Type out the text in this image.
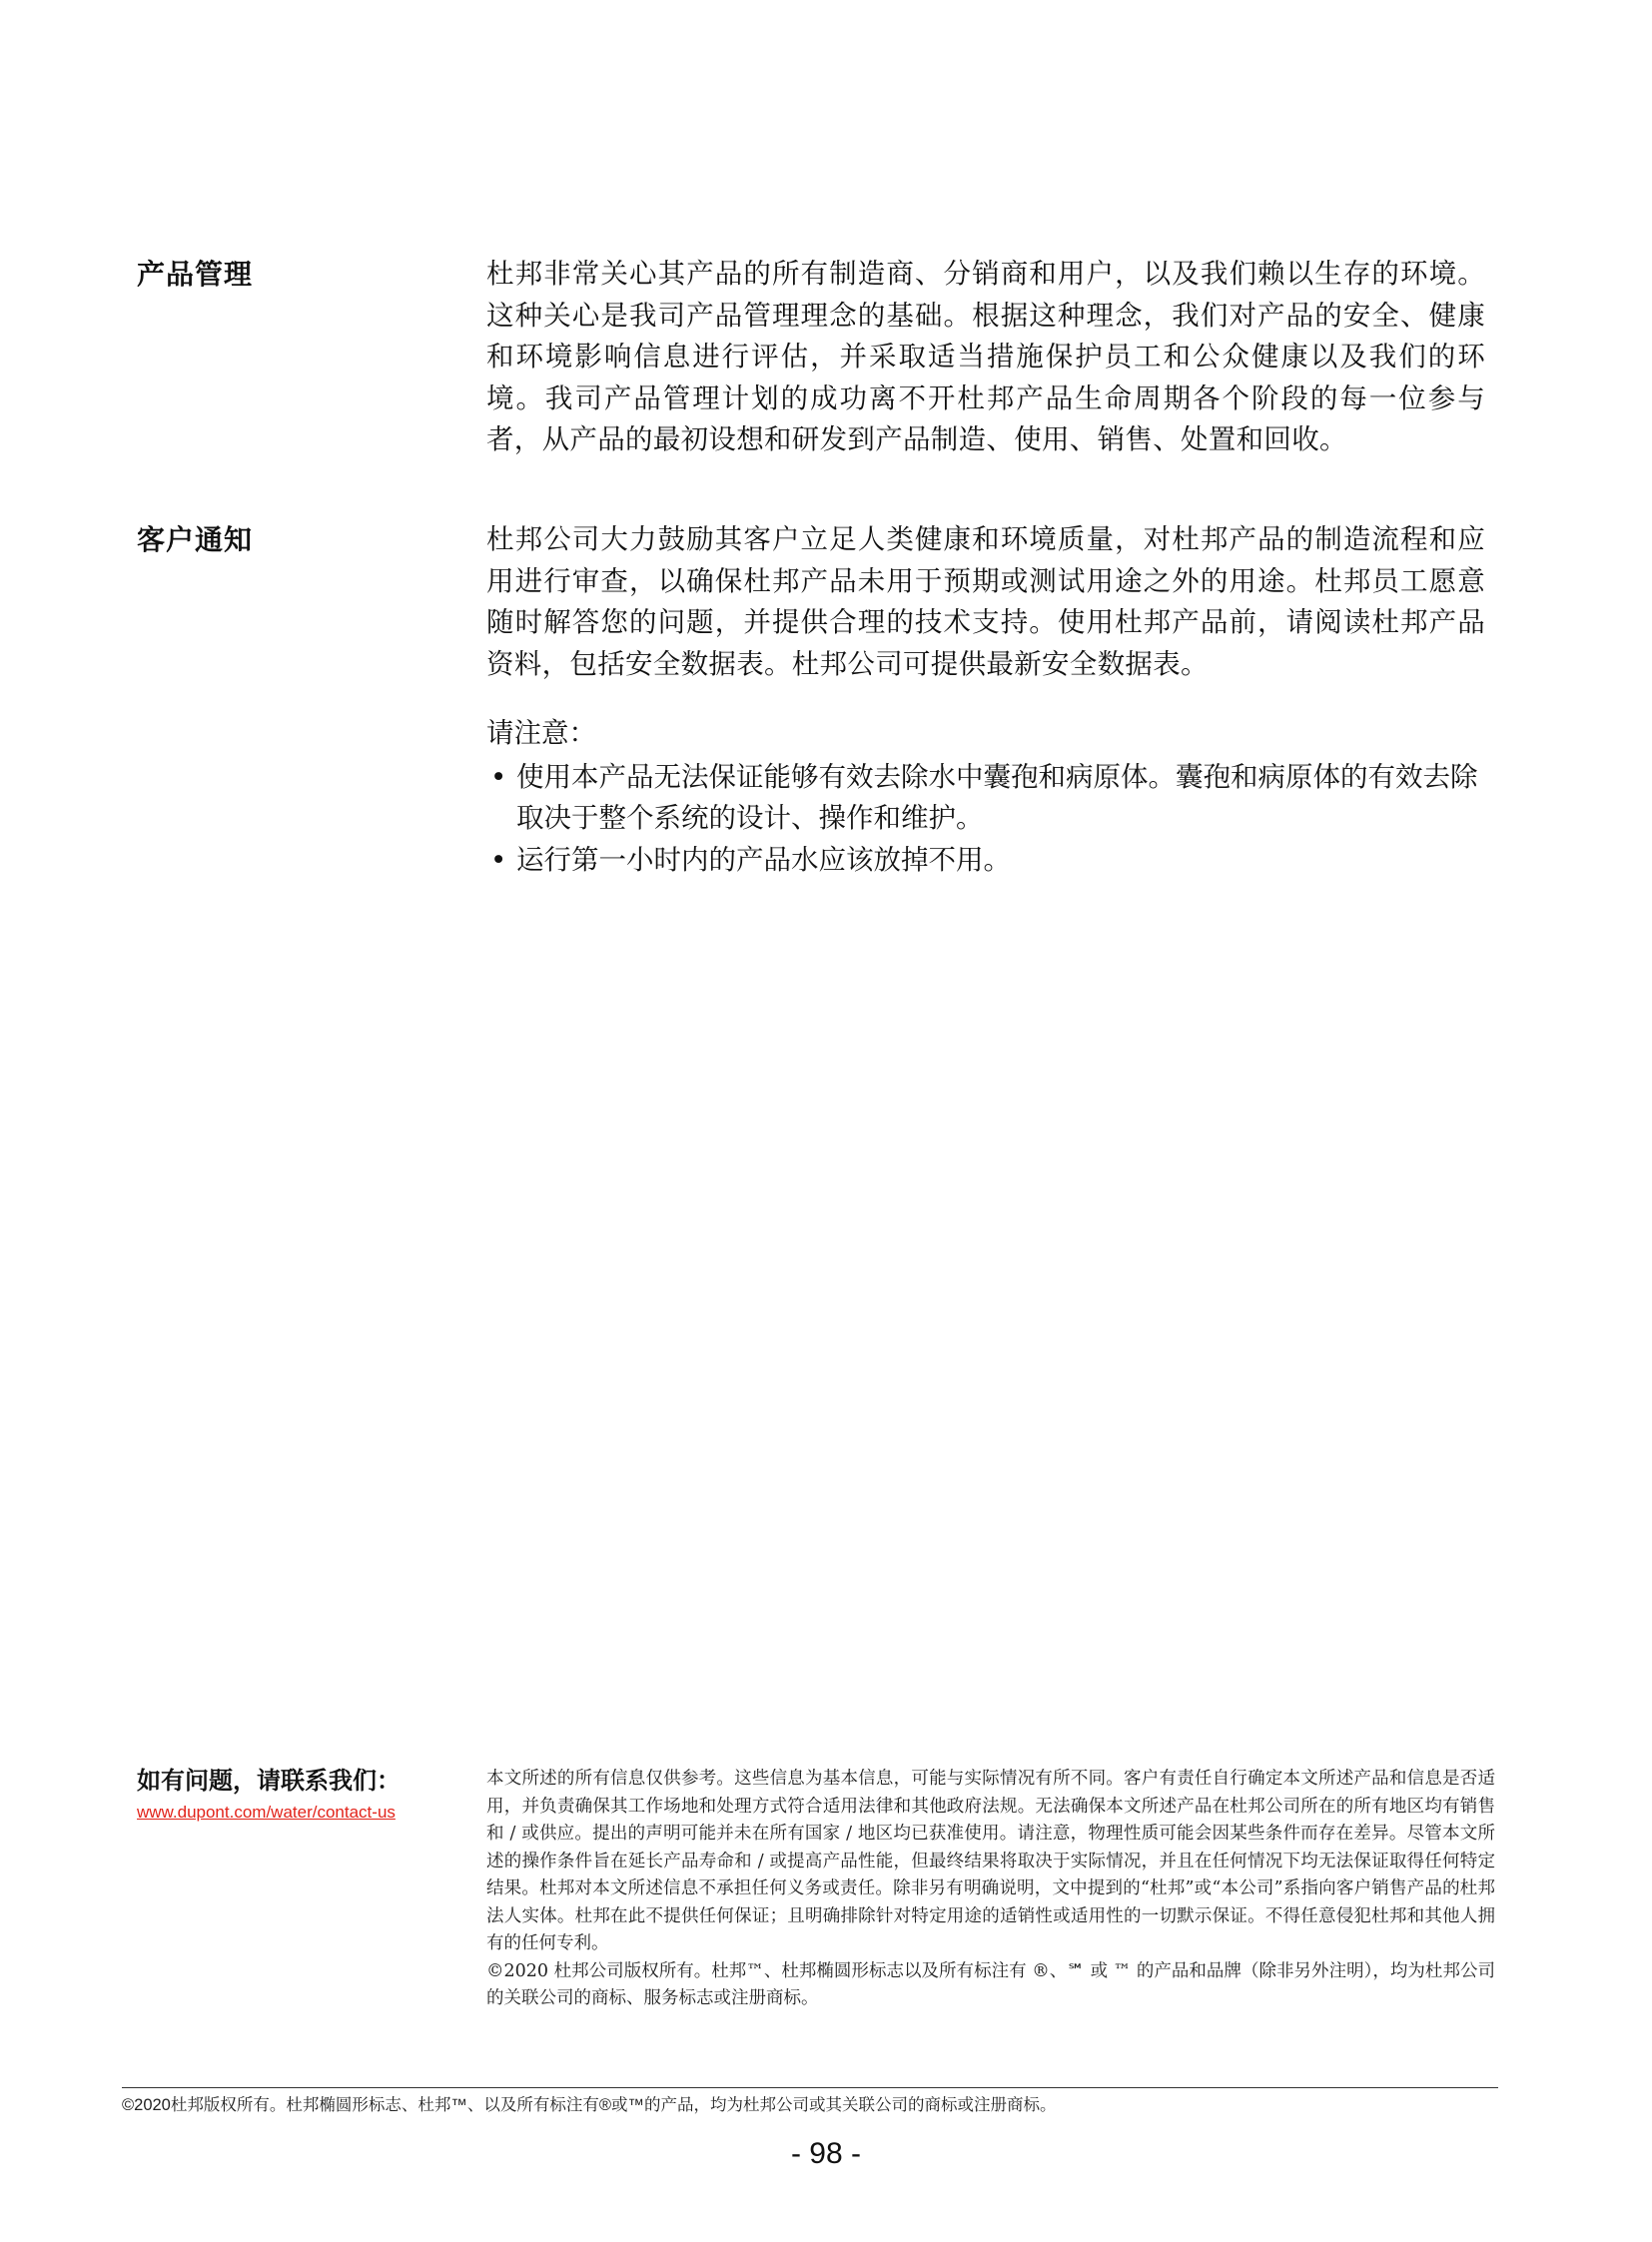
产品管理	杜邦非常关心其产品的所有制造商、分销商和用户，以及我们赖以生存的环境。这种关心是我司产品管理理念的基础。根据这种理念，我们对产品的安全、健康和环境影响信息进行评估，并采取适当措施保护员工和公众健康以及我们的环境。我司产品管理计划的成功离不开杜邦产品生命周期各个阶段的每一位参与者，从产品的最初设想和研发到产品制造、使用、销售、处置和回收。

客户通知	杜邦公司大力鼓励其客户立足人类健康和环境质量，对杜邦产品的制造流程和应用进行审查，以确保杜邦产品未用于预期或测试用途之外的用途。杜邦员工愿意随时解答您的问题，并提供合理的技术支持。使用杜邦产品前，请阅读杜邦产品资料，包括安全数据表。杜邦公司可提供最新安全数据表。

请注意：

• 使用本产品无法保证能够有效去除水中囊孢和病原体。囊孢和病原体的有效去除取决于整个系统的设计、操作和维护。
• 运行第一小时内的产品水应该放掉不用。
如有问题，请联系我们：
www.dupont.com/water/contact-us

本文所述的所有信息仅供参考。这些信息为基本信息，可能与实际情况有所不同。客户有责任自行确定本文所述产品和信息是否适用，并负责确保其工作场地和处理方式符合适用法律和其他政府法规。无法确保本文所述产品在杜邦公司所在的所有地区均有销售和 / 或供应。提出的声明可能并未在所有国家 / 地区均已获准使用。请注意，物理性质可能会因某些条件而存在差异。尽管本文所述的操作条件旨在延长产品寿命和 / 或提高产品性能，但最终结果将取决于实际情况，并且在任何情况下均无法保证取得任何特定结果。杜邦对本文所述信息不承担任何义务或责任。除非另有明确说明，文中提到的“杜邦”或“本公司”系指向客户销售产品的杜邦法人实体。杜邦在此不提供任何保证；且明确排除针对特定用途的适销性或适用性的一切默示保证。不得任意侵犯杜邦和其他人拥有的任何专利。

©2020 杜邦公司版权所有。杜邦™、杜邦椭圆形标志以及所有标注有 ®、℠ 或 ™ 的产品和品牌（除非另外注明），均为杜邦公司的关联公司的商标、服务标志或注册商标。

©2020杜邦版权所有。杜邦椭圆形标志、杜邦™、以及所有标注有®或™的产品，均为杜邦公司或其关联公司的商标或注册商标。
- 98 -
